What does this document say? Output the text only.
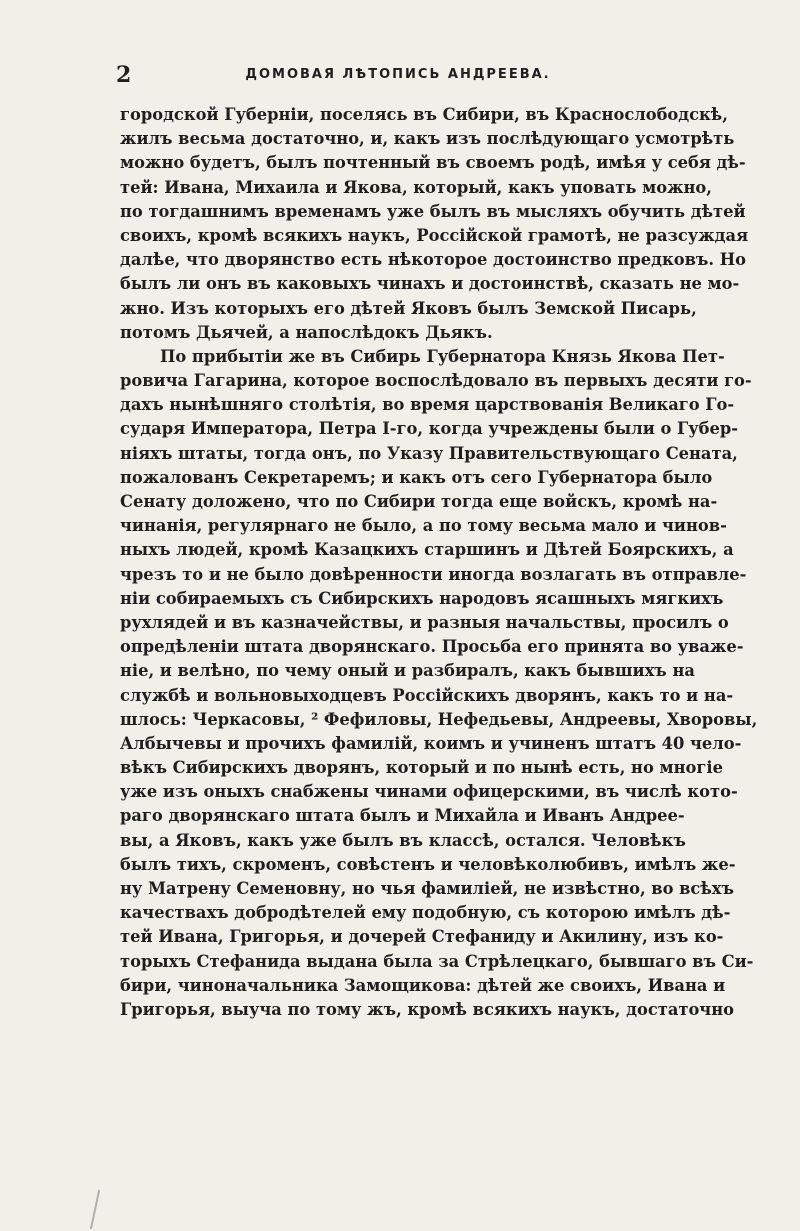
2	ДОМОВАЯ ЛѢТОПИСЬ АНДРЕЕВА.
городской Губерніи, поселясь въ Сибири, въ Краснослободскѣ,
жилъ весьма достаточно, и, какъ изъ послѣдующаго усмотрѣть
можно будетъ, былъ почтенный въ своемъ родѣ, имѣя у себя дѣ-
тей: Ивана, Михаила и Якова, который, какъ уповать можно,
по тогдашнимъ временамъ уже былъ въ мысляхъ обучить дѣтей
своихъ, кромѣ всякихъ наукъ, Россійской грамотѣ, не разсуждая
далѣе, что дворянство есть нѣкоторое достоинство предковъ. Но
былъ ли онъ въ каковыхъ чинахъ и достоинствѣ, сказать не мо-
жно. Изъ которыхъ его дѣтей Яковъ былъ Земской Писарь,
потомъ Дьячей, а напослѣдокъ Дьякъ.
По прибытіи же въ Сибирь Губернатора Князь Якова Пет-
ровича Гагарина, которое воспослѣдовало въ первыхъ десяти го-
дахъ нынѣшняго столѣтія, во время царствованія Великаго Го-
сударя Императора, Петра I-го, когда учреждены были о Губер-
ніяхъ штаты, тогда онъ, по Указу Правительствующаго Сената,
пожалованъ Секретаремъ; и какъ отъ сего Губернатора было
Сенату доложено, что по Сибири тогда еще войскъ, кромѣ на-
чинанія, регулярнаго не было, а по тому весьма мало и чинов-
ныхъ людей, кромѣ Казацкихъ старшинъ и Дѣтей Боярскихъ, а
чрезъ то и не было довѣренности иногда возлагать въ отправле-
ніи собираемыхъ съ Сибирскихъ народовъ ясашныхъ мягкихъ
рухлядей и въ казначействы, и разныя начальствы, просилъ о
опредѣленіи штата дворянскаго. Просьба его принята во уваже-
ніе, и велѣно, по чему оный и разбиралъ, какъ бывшихъ на
службѣ и вольновыходцевъ Россійскихъ дворянъ, какъ то и на-
шлось: Черкасовы, ² Фефиловы, Нефедьевы, Андреевы, Хворовы,
Албычевы и прочихъ фамилій, коимъ и учиненъ штатъ 40 чело-
вѣкъ Сибирскихъ дворянъ, который и по нынѣ есть, но многіе
уже изъ оныхъ снабжены чинами офицерскими, въ числѣ кото-
раго дворянскаго штата былъ и Михайла и Иванъ Андрее-
вы, а Яковъ, какъ уже былъ въ классѣ, остался. Человѣкъ
былъ тихъ, скроменъ, совѣстенъ и человѣколюбивъ, имѣлъ же-
ну Матрену Семеновну, но чья фамиліей, не извѣстно, во всѣхъ
качествахъ добродѣтелей ему подобную, съ которою имѣлъ дѣ-
тей Ивана, Григорья, и дочерей Стефаниду и Акилину, изъ ко-
торыхъ Стефанида выдана была за Стрѣлецкаго, бывшаго въ Си-
бири, чиноначальника Замощикова: дѣтей же своихъ, Ивана и
Григорья, выуча по тому жъ, кромѣ всякихъ наукъ, достаточно
